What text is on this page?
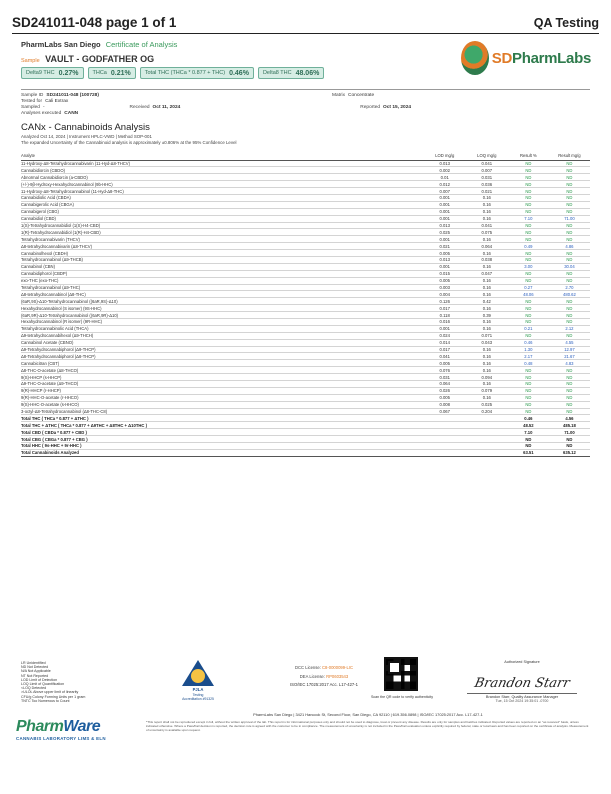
SD241011-048 page 1 of 1	QA Testing
PharmLabs San Diego Certificate of Analysis
Sample VAULT - GODFATHER OG
Delta9 THC 0.27%	THCa 0.21%	Total THC (THCa * 0.877 + THC) 0.46%	Delta8 THC 48.06%
SDPharmLabs
Sample ID SD241011-048 (100728)	Matrix Concentrate
Tested for Cali Extrax
Sampled -	Received Oct 11, 2024	Reported Oct 15, 2024
Analyses executed CANN
CANx - Cannabinoids Analysis
Analyzed Oct 14, 2024 | Instrument HPLC-VWD | Method SOP-001
The expanded Uncertainty of the Cannabinoid analysis is approximately ±0.806% at the 95% Confidence Level
Analyte	LOD mg/g	LOQ mg/g	Result %	Result mg/g
11-Hydroxy-Δ8-Tetrahydrocannabivarin (11-Hyd-Δ8-THCV)	0.013	0.041	ND	ND
Cannabidiorcin (CBDO)	0.002	0.007	ND	ND
Abnormal Cannabidiorcin (a-CBDO)	0.01	0.031	ND	ND
(+/-)-9β-Hydroxy-Hexahydrocannabinol (9b-HHC)	0.012	0.036	ND	ND
11-Hydroxy-Δ8-Tetrahydrocannabinol (11-Hyd-Δ8-THC)	0.007	0.021	ND	ND
Cannabidiolic Acid (CBDA)	0.001	0.16	ND	ND
Cannabigerolic Acid (CBGA)	0.001	0.16	ND	ND
Cannabigerol (CBG)	0.001	0.16	ND	ND
Cannabidiol (CBD)	0.001	0.16	7.10	71.00
1(S)-Tetrahydrocannabidiol (1(S)-H4-CBD)	0.013	0.041	ND	ND
1(R)-Tetrahydrocannabidiol (1(R)-H4-CBD)	0.025	0.075	ND	ND
Tetrahydrocannabivarin (THCV)	0.001	0.16	ND	ND
Δ8-tetrahydrocannabivarin (Δ8-THCV)	0.021	0.064	0.49	4.86
Cannabinolhexol (CBDH)	0.005	0.16	ND	ND
Tetrahydrocannabinol (Δ9-THCB)	0.013	0.038	ND	ND
Cannabinol (CBN)	0.001	0.16	3.00	30.04
Cannabidiphorol (CBDP)	0.015	0.047	ND	ND
exo-THC (exo-THC)	0.005	0.16	ND	ND
Tetrahydrocannabinol (Δ9-THC)	0.003	0.16	0.27	2.70
Δ8-tetrahydrocannabinol (Δ8-THC)	0.004	0.16	48.06	480.62
(6aR,9S)-Δ10-Tetrahydrocannabinol ((6aR,9S)-Δ10)	0.126	0.42	ND	ND
Hexahydrocannabinol (S isomer) (9S-HHC)	0.017	0.16	ND	ND
(6aR,9R)-Δ10-Tetrahydrocannabinol ((6aR,9R)-Δ10)	0.118	0.39	ND	ND
Hexahydrocannabinol (R isomer) (9R-HHC)	0.016	0.16	ND	ND
Tetrahydrocannabinolic Acid (THCA)	0.001	0.16	0.21	2.12
Δ9-tetrahydrocannabihexol (Δ9-THCH)	0.024	0.071	ND	ND
Cannabinol Acetate (CBNO)	0.014	0.043	0.46	4.55
Δ9-Tetrahydrocannabiphorol (Δ9-THCP)	0.017	0.16	1.30	12.97
Δ8-Tetrahydrocannabiphorol (Δ8-THCP)	0.041	0.16	2.17	21.67
Cannabicitran (CBT)	0.005	0.16	0.48	4.83
Δ8-THC-O-acetate (Δ8-THCO)	0.076	0.16	ND	ND
9(S)-HHCP (s-HHCP)	0.031	0.094	ND	ND
Δ9-THC-O-acetate (Δ9-THCO)	0.064	0.16	ND	ND
9(R)-HHCP (r-HHCP)	0.026	0.079	ND	ND
9(R)-HHC-O-acetate (r-HHCO)	0.005	0.16	ND	ND
9(S)-HHC-O-acetate (s-HHCO)	0.008	0.025	ND	ND
3-octyl-Δ8-Tetrahydrocannabinol (Δ8-THC-C8)	0.067	0.204	ND	ND
Total THC ( THCa * 0.877 + ΔTHC )			0.46	4.56
Total THC + ΔTHC ( THCa * 0.877 + Δ9THC + Δ8THC + Δ10THC )			48.52	485.18
Total CBD ( CBDa * 0.877 + CBD )			7.10	71.00
Total CBG ( CBGa * 0.877 + CBG )			ND	ND
Total HHC ( 9s-HHC + 9r-HHC )			ND	ND
Total Cannabinoids Analyzed			63.51	635.12
LR Unidentified
ND Not Detected
N/A Not Applicable
NT Not Reported
LOD Limit of Detection
LOQ Limit of Quantification
<LOQ Detected
>ULOL Above upper limit of linearity
CFU/g Colony Forming Units per 1 gram
TNTC Too Numerous to Count
PJLA
Testing
Accreditation #91325
DCC License: C8-0000099-LIC
DEA License: RP0603543
ISO/IEC 17025:2017 Acc. L17-427-1
Scan the QR code to verify authenticity
Authorized Signature
Brandon Starr
Brandon Starr, Quality Assurance Manager
Tue, 15 Oct 2024 19:35:01 -0700
PharmWare
CANNABIS LABORATORY LIMS & ELN
PharmLabs San Diego | 3421 Hancock St, Second Floor, San Diego, CA 92110 | 619.356.0898 | ISO/IEC 17025:2017 Acc. L17-427-1
*This report shall not be reproduced except in full, without the written approval of the lab. This report is for informational purposes only and should not be used to diagnose, treat or prevent any disease. Results are only for samples and batches indicated. Reported values are reported on an "as received" basis, unless indicated otherwise. Where a Pass/Fail decision is reported, the decision rule is agreed with the customer to be in compliance. The measurement of uncertainty is not included in the Pass/Fail evaluation unless explicitly required by federal, state or local laws and has been reported on the certificate of analysis. Measurement of uncertainty is available upon request.
